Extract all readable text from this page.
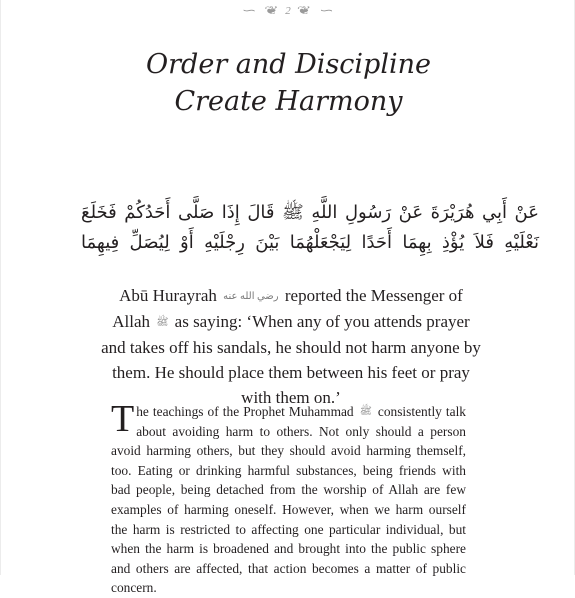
∽ ❦ 2 ❦ ∽
Order and Discipline
Create Harmony
عَنْ أَبِي هُرَيْرَةَ عَنْ رَسُولِ اللَّهِ ﷺ قَالَ إِذَا صَلَّى أَحَدُكُمْ فَخَلَعَ نَعْلَيْهِ فَلاَ يُؤْذِ بِهِمَا أَحَدًا لِيَجْعَلْهُمَا بَيْنَ رِجْلَيْهِ أَوْ لِيُصَلِّ فِيهِمَا
Abū Hurayrah رضي الله عنه reported the Messenger of Allah ﷺ as saying: ‘When any of you attends prayer and takes off his sandals, he should not harm anyone by them. He should place them between his feet or pray with them on.’
The teachings of the Prophet Muhammad ﷺ consistently talk about avoiding harm to others. Not only should a person avoid harming others, but they should avoid harming themself, too. Eating or drinking harmful substances, being friends with bad people, being detached from the worship of Allah are few examples of harming oneself. However, when we harm ourself the harm is restricted to affecting one particular individual, but when the harm is broadened and brought into the public sphere and others are affected, that action becomes a matter of public concern.
